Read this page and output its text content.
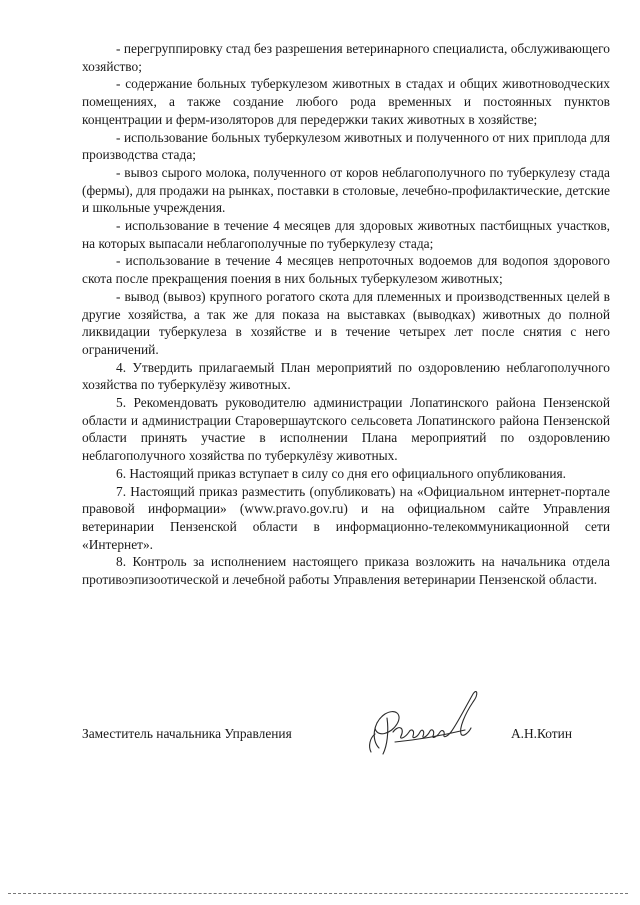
- перегруппировку стад без разрешения ветеринарного специалиста, обслуживающего хозяйство;

- содержание больных туберкулезом животных в стадах и общих животноводческих помещениях, а также создание любого рода временных и постоянных пунктов концентрации и ферм-изоляторов для передержки таких животных в хозяйстве;

- использование больных туберкулезом животных и полученного от них приплода для производства стада;

- вывоз сырого молока, полученного от коров неблагополучного по туберкулезу стада (фермы), для продажи на рынках, поставки в столовые, лечебно-профилактические, детские и школьные учреждения.

- использование в течение 4 месяцев для здоровых животных пастбищных участков, на которых выпасали неблагополучные по туберкулезу стада;

- использование в течение 4 месяцев непроточных водоемов для водопоя здорового скота после прекращения поения в них больных туберкулезом животных;

- вывод (вывоз) крупного рогатого скота для племенных и производственных целей в другие хозяйства, а так же для показа на выставках (выводках) животных до полной ликвидации туберкулеза в хозяйстве и в течение четырех лет после снятия с него ограничений.

4. Утвердить прилагаемый План мероприятий по оздоровлению неблагополучного хозяйства по туберкулёзу животных.

5. Рекомендовать руководителю администрации Лопатинского района Пензенской области и администрации Старовершаутского сельсовета Лопатинского района Пензенской области принять участие в исполнении Плана мероприятий по оздоровлению неблагополучного хозяйства по туберкулёзу животных.

6. Настоящий приказ вступает в силу со дня его официального опубликования.

7. Настоящий приказ разместить (опубликовать) на «Официальном интернет-портале правовой информации» (www.pravo.gov.ru) и на официальном сайте Управления ветеринарии Пензенской области в информационно-телекоммуникационной сети «Интернет».

8. Контроль за исполнением настоящего приказа возложить на начальника отдела противоэпизоотической и лечебной работы Управления ветеринарии Пензенской области.

Заместитель начальника Управления	А.Н.Котин
